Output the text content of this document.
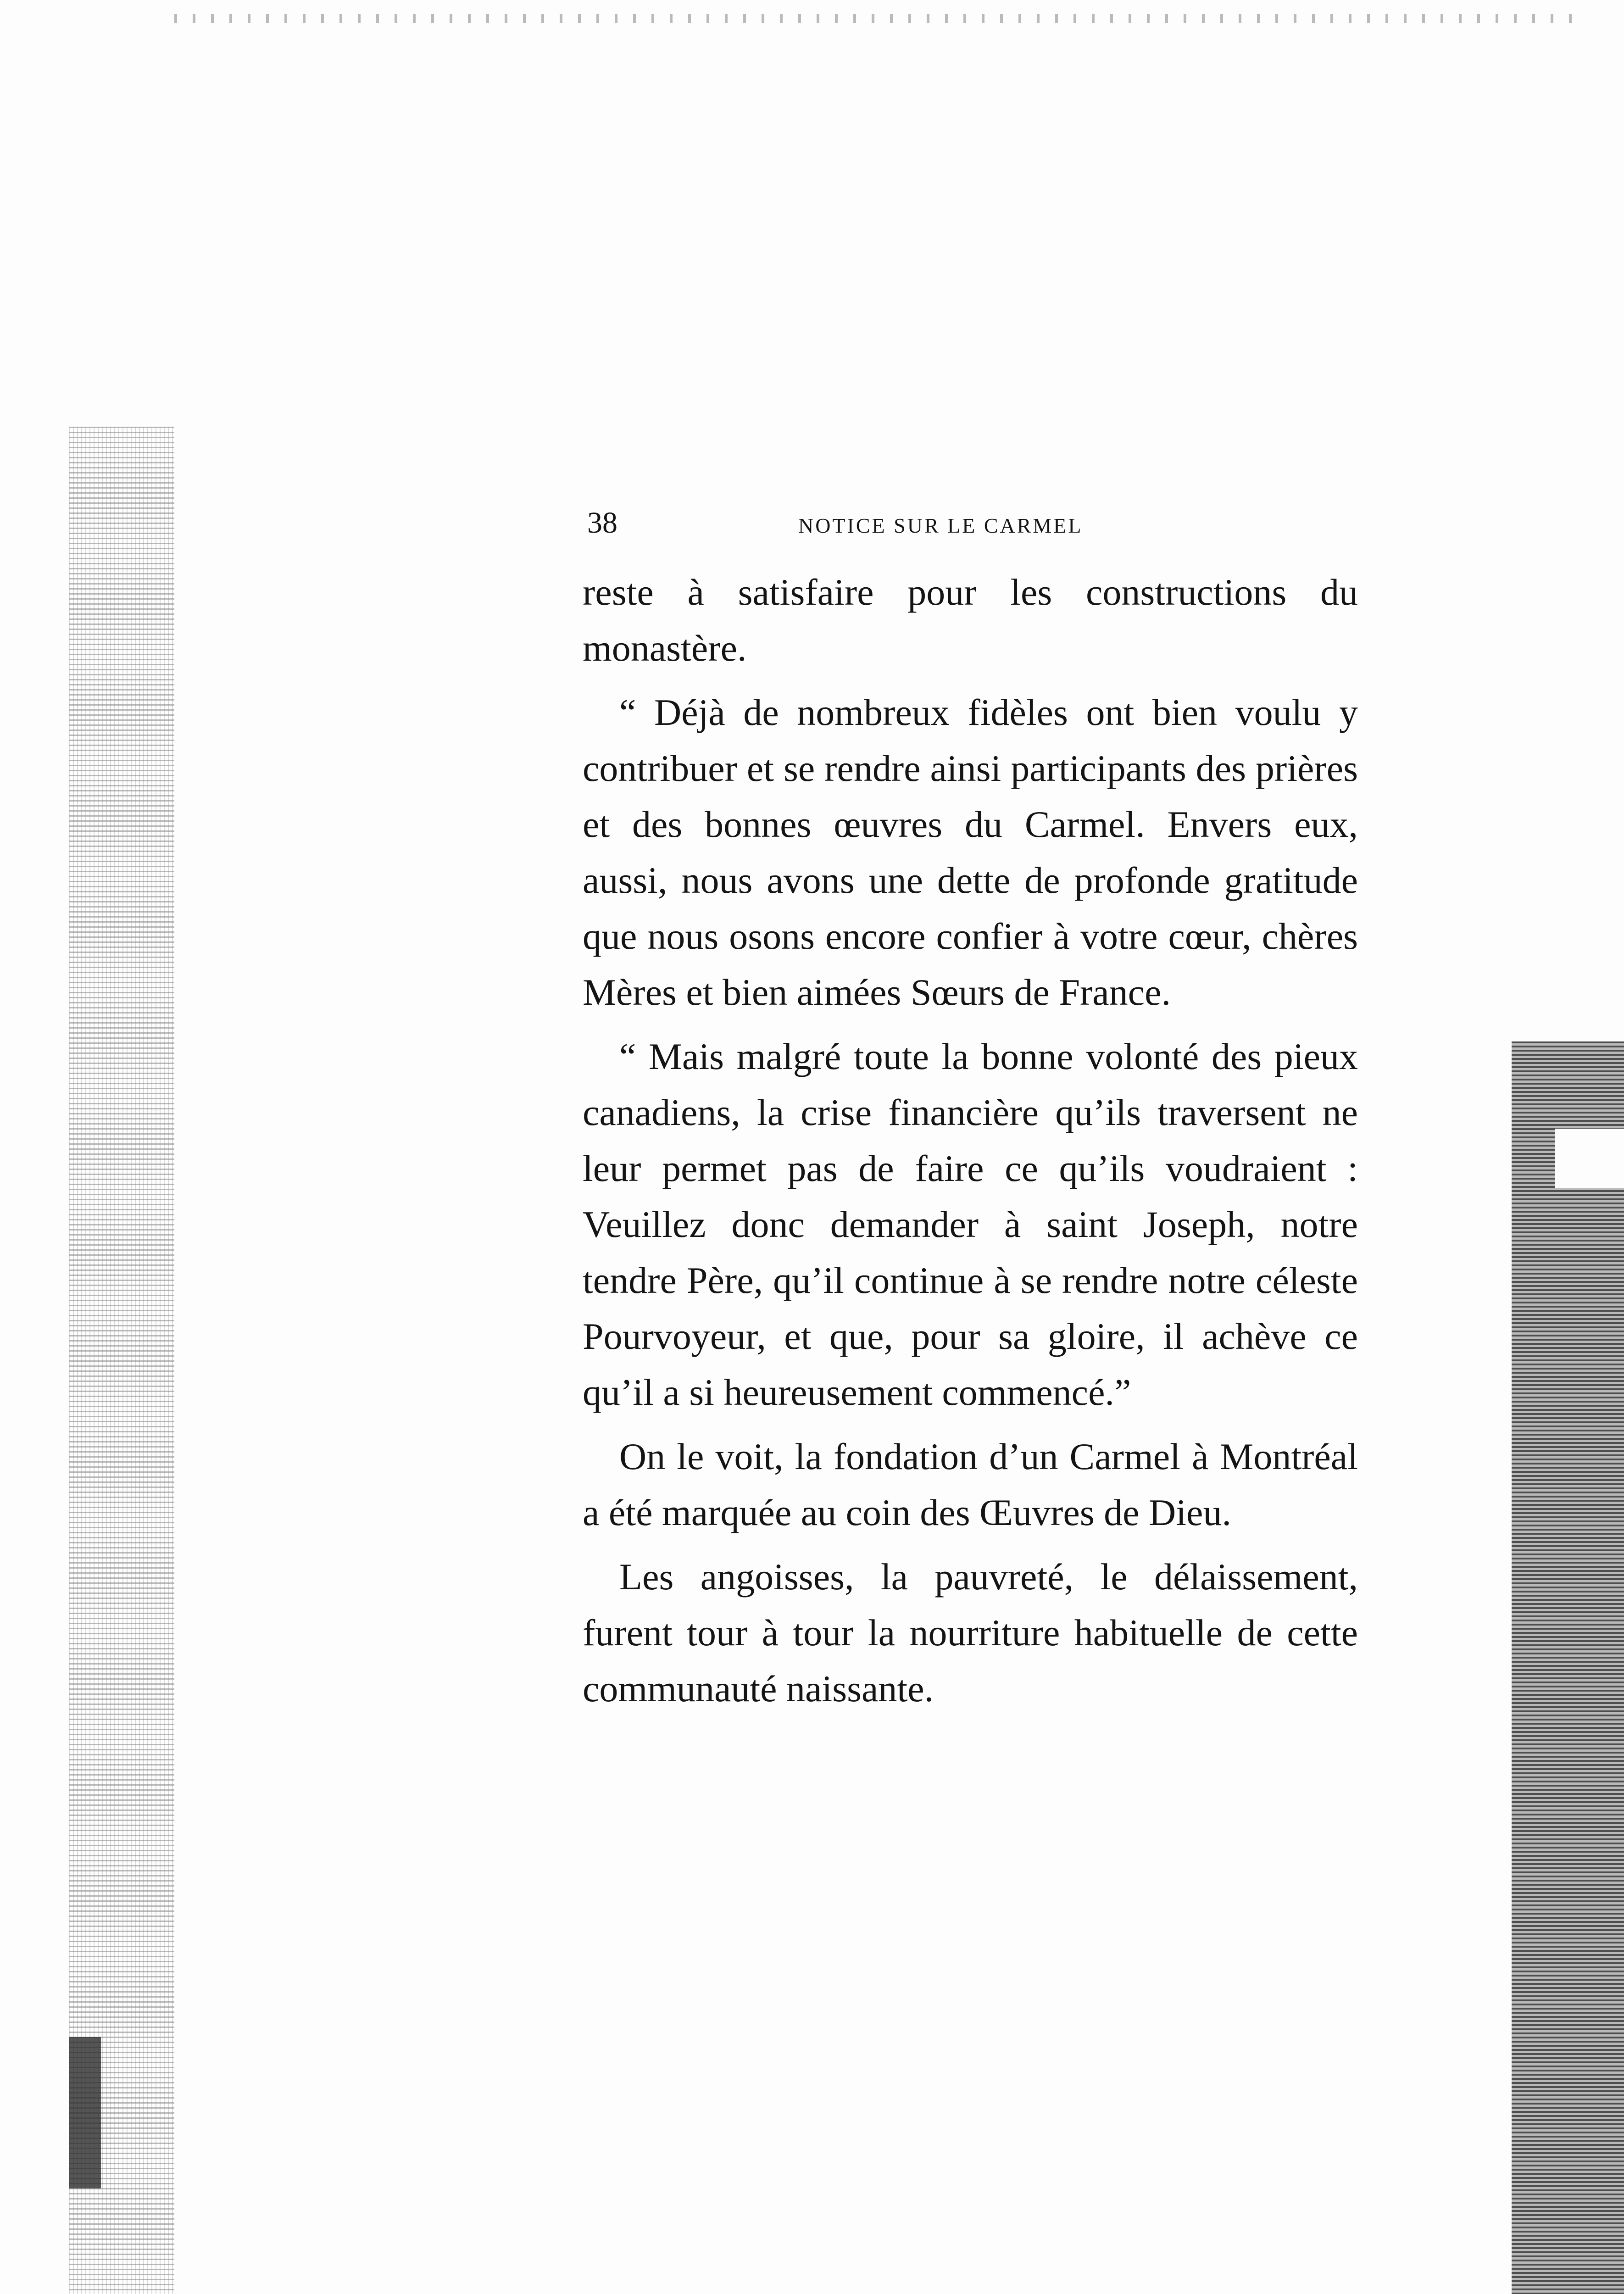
38	NOTICE SUR LE CARMEL

reste à satisfaire pour les constructions du monastère.

“ Déjà de nombreux fidèles ont bien voulu y contribuer et se rendre ainsi participants des prières et des bonnes œuvres du Carmel. Envers eux, aussi, nous avons une dette de profonde gratitude que nous osons encore confier à votre cœur, chères Mères et bien aimées Sœurs de France.

“ Mais malgré toute la bonne volonté des pieux canadiens, la crise financière qu’ils traversent ne leur permet pas de faire ce qu’ils voudraient : Veuillez donc demander à saint Joseph, notre tendre Père, qu’il continue à se rendre notre céleste Pourvoyeur, et que, pour sa gloire, il achève ce qu’il a si heureusement commencé.”

On le voit, la fondation d’un Carmel à Montréal a été marquée au coin des Œuvres de Dieu.

Les angoisses, la pauvreté, le délaissement, furent tour à tour la nourriture habituelle de cette communauté naissante.
